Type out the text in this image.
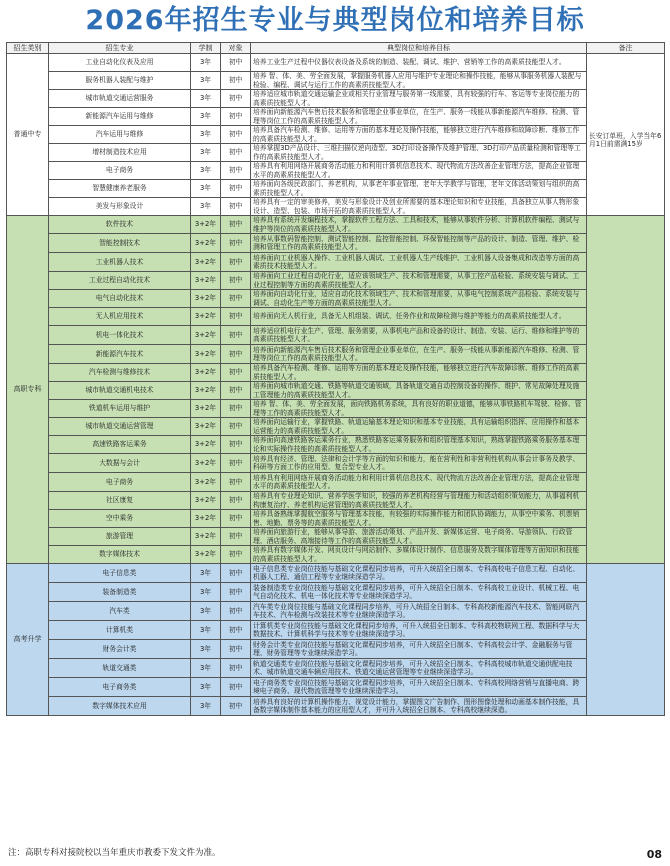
2026年招生专业与典型岗位和培养目标
招生类别	招生专业	学制	对象	典型岗位和培养目标	备注
普通中专	工业自动化仪表及应用	3年	初中	培养工业生产过程中仪器仪表设备及系统的制造、装配、调试、维护、营销等工作的高素质技能型人才。	长安订单班，入学当年6月1日前需满15岁
	服务机器人装配与维护	3年	初中	培养 智、体、美、劳全面发展，掌握服务机器人应用与维护专业理论和操作技能，能够从事服务机器人装配与检验、编程、调试与运行工作的高素质技能型人才。	
	城市轨道交通运营服务	3年	初中	培养适应城市轨道交通运输企业或相关行业管理与服务第一线需要，具有较强的行车、客运等专业岗位能力的高素质技能型人才。	
	新能源汽车运用与维修	3年	初中	培养面向新能源汽车售后技术服务和管理企业事业单位，在生产、服务一线能从事新能源汽车维修、检测、管理等岗位工作的高素质技能型人才。	
	汽车运用与维修	3年	初中	培养具备汽车检测、维修、运用等方面的基本理论及操作技能，能够独立进行汽车维修和故障诊断、维修工作的高素质技能型人才。	
	增材制造技术应用	3年	初中	培养掌握3D产品设计、三维扫描仪逆向造型、3D打印设备操作及维护管理、3D打印产品质量检测和管理等工作的高素质技能型人才。	
	电子商务	3年	初中	培养具有利用网络开展商务活动能力和利用计算机信息技术、现代物流方法改善企业管理方法，提高企业管理水平的高素质技能型人才。	
	智慧健康养老服务	3年	初中	培养面向各级民政部门、养老机构，从事老年事业管理、老年大学教学与管理，老年文体活动策划与组织的高素质技能型人才。	
	美发与形象设计	3年	初中	培养具有一定的审美修养，美发与形象设计及创业所需要的基本理论知识和专业技能，具备独立从事人物形象设计、造型、包装、市场开拓的高素质技能型人才。	
高职专科	软件技术	3+2年	初中	培养具有系统开发编程技术，掌握软件工程方法、工具和技术，能够从事软件分析、计算机软件编程、测试与维护等岗位的高素质技能型人才。	
	智能控制技术	3+2年	初中	培养从事数码智能控制、测试智能控制、监控智能控制、环保智能控制等产品的设计、制造、管理、维护、检测和管理工作的高素质技能型人才。	
	工业机器人技术	3+2年	初中	培养面向工业机器人操作、工业机器人调试、工业机器人生产线维护、工业机器人设备集成和改造等方面的高素质技术技能型人才。	
	工业过程自动化技术	3+2年	初中	培养面向工业过程自动化行业，适应该领域生产、技术和管理需要，从事工控产品检验、系统安装与调试、工业过程控制等方面的高素质技能型人才。	
	电气自动化技术	3+2年	初中	培养面向自动化行业，适应自动化技术领域生产、技术和管理需要，从事电气控制系统产品检验、系统安装与调试、自动化生产等方面的高素质技能型人才。	
	无人机应用技术	3+2年	初中	培养面向无人机行业，具备无人机组装、调试、任务作业和故障检测与维护等能力的高素质技能型人才。	
	机电一体化技术	3+2年	初中	培养适应机电行业生产、管理、服务需要，从事机电产品和设备的设计、制造、安装、运行、维修和维护等的高素质技能型人才。	
	新能源汽车技术	3+2年	初中	培养面向新能源汽车售后技术服务和管理企业事业单位，在生产、服务一线能从事新能源汽车维修、检测、管理等岗位工作的高素质技能型人才。	
	汽车检测与维修技术	3+2年	初中	培养具备汽车检测、维修、运用等方面的基本理论及操作技能，能够独立进行汽车故障诊断、维修工作的高素质技能型人才。	
	城市轨道交通机电技术	3+2年	初中	培养面向城市轨道交通、铁路等轨道交通领域，具备轨道交通自动控制设备的操作、维护、常见故障处理及施工管理能力的高素质技能型人才。	
	铁道机车运用与维护	3+2年	初中	培养 智、体、美、劳全面发展，面向铁路机务系统，具有良好的职业道德，能够从事铁路机车驾驶、检修、管理等工作的高素质技能型人才。	
	城市轨道交通运营管理	3+2年	初中	培养面向运输行业，掌握铁路、轨道运输基本理论知识和基本专业技能，具有运输组织指挥、应用操作和基本运营能力的高素质技能型人才。	
	高速铁路客运乘务	3+2年	初中	培养面向高速铁路客运乘务行业，熟悉铁路客运乘务服务和组织管理基本知识，熟练掌握铁路乘务服务基本理论和实际操作技能的高素质技能型人才。	
	大数据与会计	3+2年	初中	培养具有经济、管理、法律和会计学等方面的知识和能力，能在营利性和非营利性机构从事会计事务及教学、科研等方面工作的应用型、复合型专业人才。	
	电子商务	3+2年	初中	培养具有利用网络开展商务活动能力和利用计算机信息技术、现代物流方法改善企业管理方法，提高企业管理水平的高素质技能型人才。	
	社区康复	3+2年	初中	培养具有专业理论知识、营养学医学知识，较强的养老机构经营与管理能力和活动组织策划能力，从事福利机构康复治疗、养老机构运营管理的高素质技能型人才。	
	空中乘务	3+2年	初中	培养具备熟练掌握航空服务与管理基本技能，有较强的实际操作能力和团队协调能力，从事空中乘务、机票销售、地勤、票务等的高素质技能型人才。	
	旅游管理	3+2年	初中	培养面向旅游行业，能够从事导游、旅游活动策划、产品开发、新媒体运营、电子商务、导游领队、行政管理、酒店服务、高端接待等工作的高素质技能型人才。	
	数字媒体技术	3+2年	初中	培养具有数字媒体开发、网页设计与网站制作、多媒体设计制作、信息服务及数字媒体管理等方面知识和技能的高素质技能型人才。	
高考升学	电子信息类	3年	初中	电子信息类专业岗位技能与基础文化课程同步培养，可升入统招全日制本、专科高校电子信息工程、自动化、机器人工程、通信工程等专业继续深造学习。	
	装备制造类	3年	初中	装备制造类专业岗位技能与基础文化课程同步培养，可升入统招全日制本、专科高校工业设计、机械工程、电气自动化技术、机电一体化技术等专业继续深造学习。	
	汽车类	3年	初中	汽车类专业岗位技能与基础文化课程同步培养，可升入统招全日制本、专科高校新能源汽车技术、智能网联汽车技术、汽车检测与改装技术等专业继续深造学习。	
	计算机类	3年	初中	计算机类专业岗位技能与基础文化课程同步培养，可升入统招全日制本、专科高校物联网工程、数据科学与大数据技术、计算机科学与技术等专业继续深造学习。	
	财务会计类	3年	初中	财务会计类专业岗位技能与基础文化课程同步培养，可升入统招全日制本、专科高校会计学、金融服务与管理、财务管理等专业继续深造学习。	
	轨道交通类	3年	初中	轨道交通类专业岗位技能与基础文化课程同步培养，可升入统招全日制本、专科高校城市轨道交通供配电技术、城市轨道交通车辆应用技术、铁道交通运营管理等专业继续深造学习。	
	电子商务类	3年	初中	电子商务类专业岗位技能与基础文化课程同步培养，可升入统招全日制本、专科高校网络营销与直播电商、跨境电子商务、现代物流管理等专业继续深造学习。	
	数字媒体技术应用	3年	初中	培养具有良好的计算机操作能力、视觉设计能力，掌握图文广告制作、图形图像处理和动画基本制作技能，具备数字媒体制作基本能力的应用型人才，并可升入统招全日制本、专科高校继续深造。	
注：高职专科对接院校以当年重庆市教委下发文件为准。	08
